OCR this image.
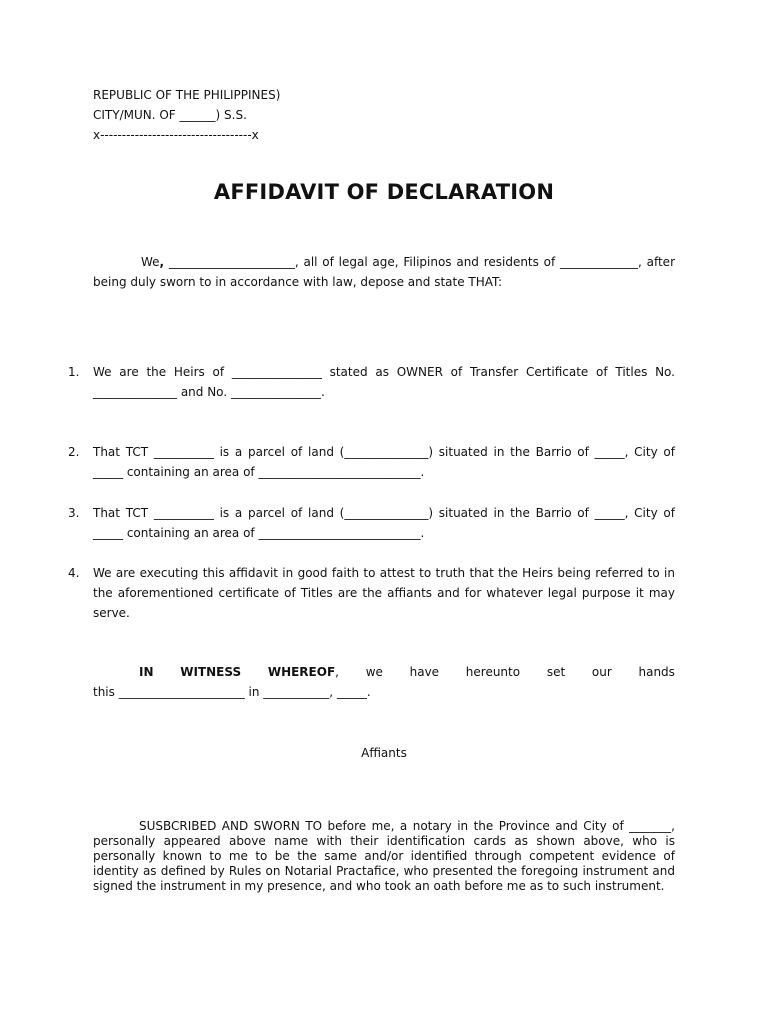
REPUBLIC OF THE PHILIPPINES)
CITY/MUN. OF ______) S.S.
x-----------------------------------x
AFFIDAVIT OF DECLARATION
We, _____________________, all of legal age, Filipinos and residents of _____________, after being duly sworn to in accordance with law, depose and state THAT:
1. We are the Heirs of _______________ stated as OWNER of Transfer Certificate of Titles No. ______________ and No. _______________.
2. That TCT __________ is a parcel of land (______________) situated in the Barrio of _____, City of _____ containing an area of ___________________________.
3. That TCT __________ is a parcel of land (______________) situated in the Barrio of _____, City of _____ containing an area of ___________________________.
4. We are executing this affidavit in good faith to attest to truth that the Heirs being referred to in the aforementioned certificate of Titles are the affiants and for whatever legal purpose it may serve.
IN WITNESS WHEREOF, we have hereunto set our hands
this _____________________ in ___________, _____.
Affiants
SUSBCRIBED AND SWORN TO before me, a notary in the Province and City of _______, personally appeared above name with their identification cards as shown above, who is personally known to me to be the same and/or identified through competent evidence of identity as defined by Rules on Notarial Practafice, who presented the foregoing instrument and signed the instrument in my presence, and who took an oath before me as to such instrument.
